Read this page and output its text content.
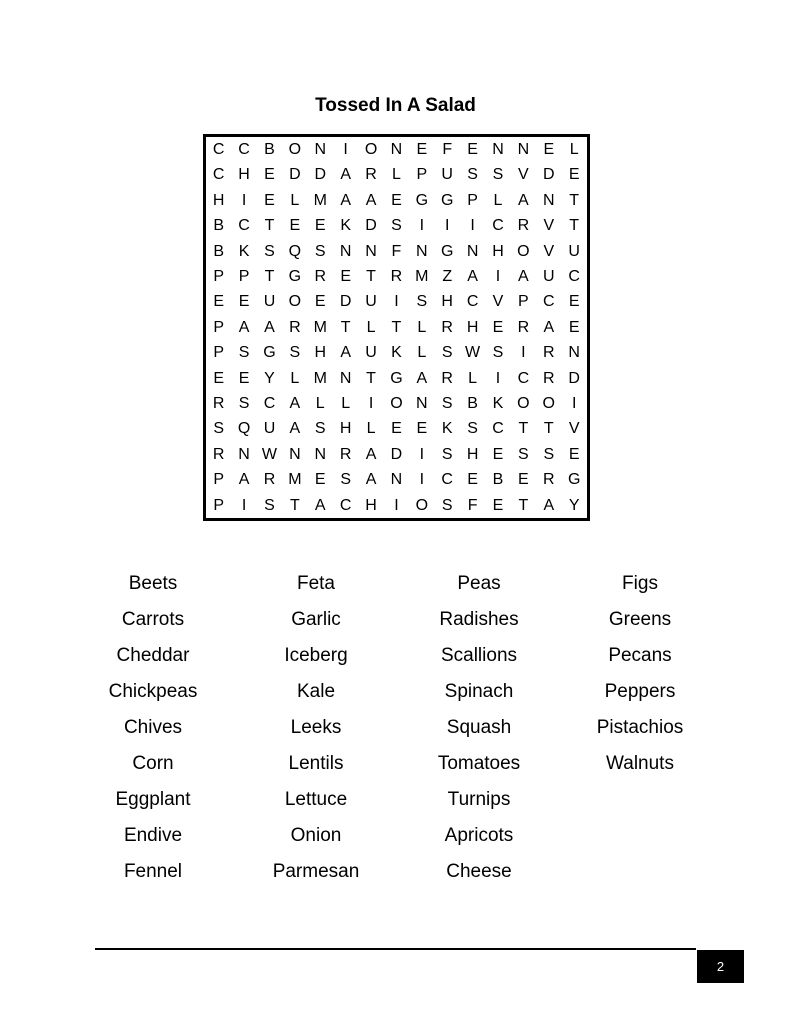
Tossed In A Salad
C C B O N	I	O N E F E N N E L
C H E D D A R L P U S S V D E
H	I	E L M A A E G G P L A N T
B C T E E K D S	I	I	I	C R V T
B K S Q S N N F N G N H O V U
P P T G R E T R M Z A	I	A U C
E E U O E D U	I	S H C V P C E
P A A R M T	L	T	L R H E R A E
P S G S H A U K L S W S	I	R N
E E Y L M N T G A R L	I	C R D
R S C A L	L	I	O N S B K O O	I
S Q U A S H L E E K S C T T V
R N W N N R A D	I	S H E S S E
P A R M E S A N	I	C E B E R G
P	I	S T A C H	I	O S F E T A Y
Beets
Carrots
Cheddar
Chickpeas
Chives
Corn
Eggplant
Endive
Fennel
Feta
Garlic
Iceberg
Kale
Leeks
Lentils
Lettuce
Onion
Parmesan
Peas
Radishes
Scallions
Spinach
Squash
Tomatoes
Turnips
Apricots
Cheese
Figs
Greens
Pecans
Peppers
Pistachios
Walnuts
2
